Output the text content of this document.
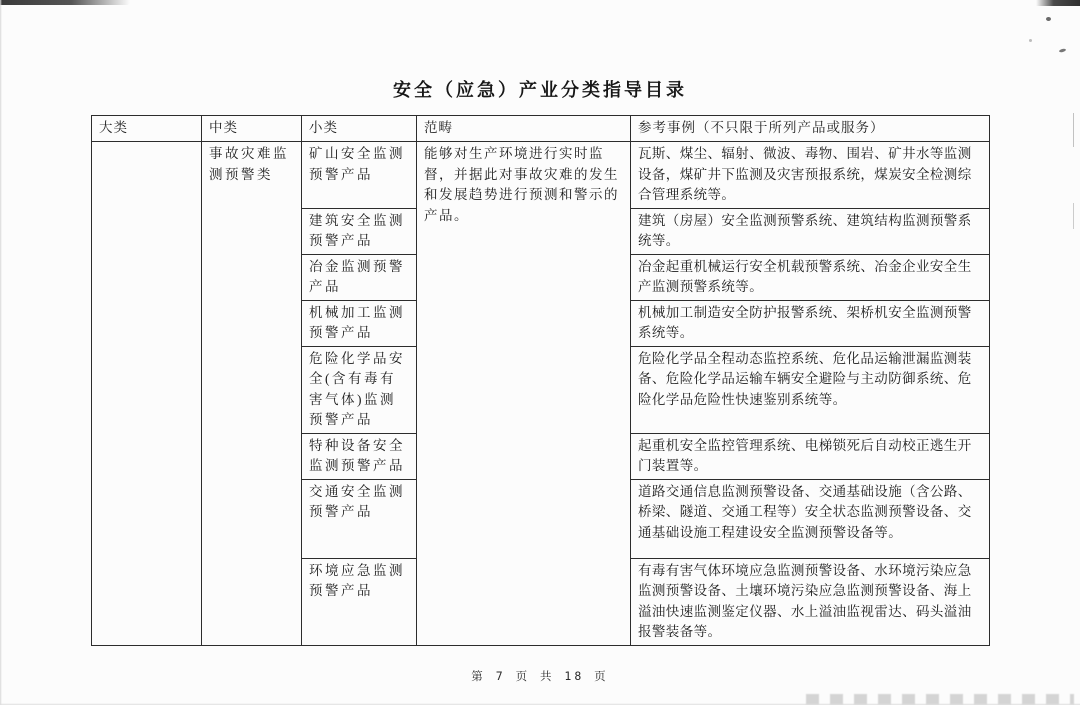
安全（应急）产业分类指导目录
大类	中类	小类	范畴	参考事例（不只限于所列产品或服务）
	事故灾难监测预警类	矿山安全监测预警产品	能够对生产环境进行实时监督，并据此对事故灾难的发生和发展趋势进行预测和警示的产品。	瓦斯、煤尘、辐射、微波、毒物、围岩、矿井水等监测设备，煤矿井下监测及灾害预报系统，煤炭安全检测综合管理系统等。
		建筑安全监测预警产品		建筑（房屋）安全监测预警系统、建筑结构监测预警系统等。
		冶金监测预警产品		冶金起重机械运行安全机载预警系统、冶金企业安全生产监测预警系统等。
		机械加工监测预警产品		机械加工制造安全防护报警系统、架桥机安全监测预警系统等。
		危险化学品安全(含有毒有害气体)监测预警产品		危险化学品全程动态监控系统、危化品运输泄漏监测装备、危险化学品运输车辆安全避险与主动防御系统、危险化学品危险性快速鉴别系统等。
		特种设备安全监测预警产品		起重机安全监控管理系统、电梯锁死后自动校正逃生开门装置等。
		交通安全监测预警产品		道路交通信息监测预警设备、交通基础设施（含公路、桥梁、隧道、交通工程等）安全状态监测预警设备、交通基础设施工程建设安全监测预警设备等。
		环境应急监测预警产品		有毒有害气体环境应急监测预警设备、水环境污染应急监测预警设备、土壤环境污染应急监测预警设备、海上溢油快速监测鉴定仪器、水上溢油监视雷达、码头溢油报警装备等。
第 7 页 共 18 页
